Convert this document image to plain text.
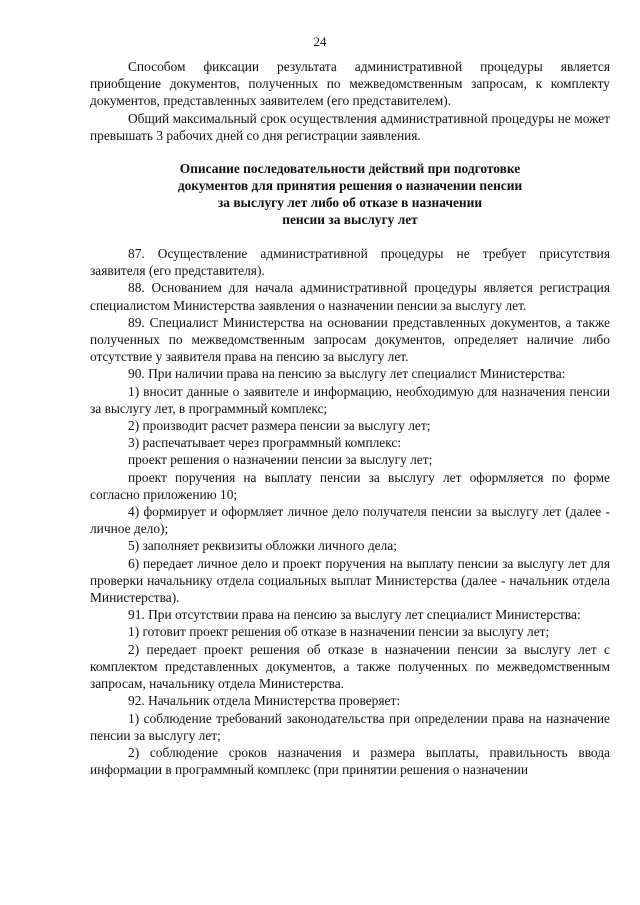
24

Способом фиксации результата административной процедуры является приобщение документов, полученных по межведомственным запросам, к комплекту документов, представленных заявителем (его представителем).

Общий максимальный срок осуществления административной процедуры не может превышать 3 рабочих дней со дня регистрации заявления.

Описание последовательности действий при подготовке
документов для принятия решения о назначении пенсии
за выслугу лет либо об отказе в назначении
пенсии за выслугу лет

87. Осуществление административной процедуры не требует присутствия заявителя (его представителя).

88. Основанием для начала административной процедуры является регистрация специалистом Министерства заявления о назначении пенсии за выслугу лет.

89. Специалист Министерства на основании представленных документов, а также полученных по межведомственным запросам документов, определяет наличие либо отсутствие у заявителя права на пенсию за выслугу лет.

90. При наличии права на пенсию за выслугу лет специалист Министерства:

1) вносит данные о заявителе и информацию, необходимую для назначения пенсии за выслугу лет, в программный комплекс;

2) производит расчет размера пенсии за выслугу лет;

3) распечатывает через программный комплекс:

проект решения о назначении пенсии за выслугу лет;

проект поручения на выплату пенсии за выслугу лет оформляется по форме согласно приложению 10;

4) формирует и оформляет личное дело получателя пенсии за выслугу лет (далее - личное дело);

5) заполняет реквизиты обложки личного дела;

6) передает личное дело и проект поручения на выплату пенсии за выслугу лет для проверки начальнику отдела социальных выплат Министерства (далее - начальник отдела Министерства).

91. При отсутствии права на пенсию за выслугу лет специалист Министерства:

1) готовит проект решения об отказе в назначении пенсии за выслугу лет;

2) передает проект решения об отказе в назначении пенсии за выслугу лет с комплектом представленных документов, а также полученных по межведомственным запросам, начальнику отдела Министерства.

92. Начальник отдела Министерства проверяет:

1) соблюдение требований законодательства при определении права на назначение пенсии за выслугу лет;

2) соблюдение сроков назначения и размера выплаты, правильность ввода информации в программный комплекс (при принятии решения о назначении
